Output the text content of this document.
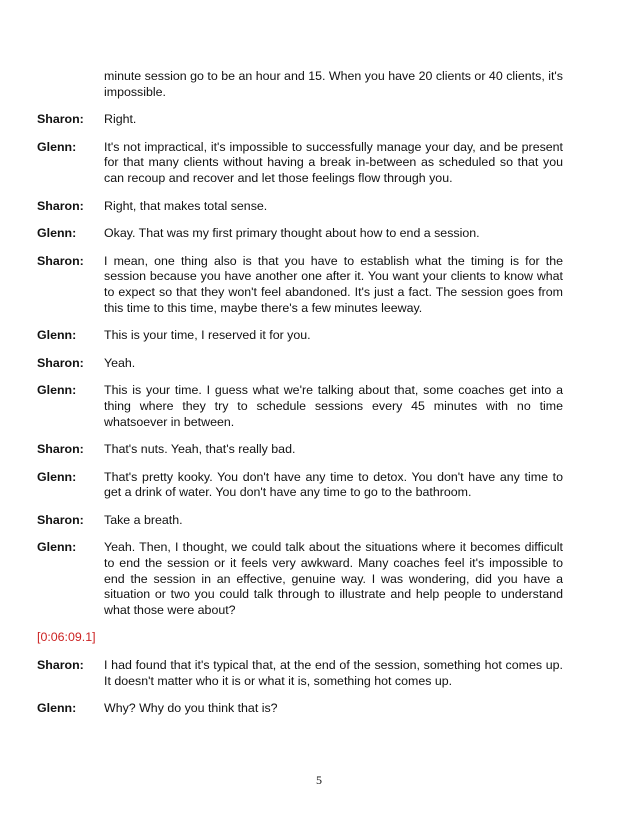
minute session go to be an hour and 15. When you have 20 clients or 40 clients, it's impossible.
Sharon:	Right.
Glenn:	It's not impractical, it's impossible to successfully manage your day, and be present for that many clients without having a break in-between as scheduled so that you can recoup and recover and let those feelings flow through you.
Sharon:	Right, that makes total sense.
Glenn:	Okay. That was my first primary thought about how to end a session.
Sharon:	I mean, one thing also is that you have to establish what the timing is for the session because you have another one after it. You want your clients to know what to expect so that they won't feel abandoned. It's just a fact. The session goes from this time to this time, maybe there's a few minutes leeway.
Glenn:	This is your time, I reserved it for you.
Sharon:	Yeah.
Glenn:	This is your time. I guess what we're talking about that, some coaches get into a thing where they try to schedule sessions every 45 minutes with no time whatsoever in between.
Sharon:	That's nuts. Yeah, that's really bad.
Glenn:	That's pretty kooky. You don't have any time to detox. You don't have any time to get a drink of water. You don't have any time to go to the bathroom.
Sharon:	Take a breath.
Glenn:	Yeah. Then, I thought, we could talk about the situations where it becomes difficult to end the session or it feels very awkward. Many coaches feel it's impossible to end the session in an effective, genuine way. I was wondering, did you have a situation or two you could talk through to illustrate and help people to understand what those were about?
[0:06:09.1]
Sharon:	I had found that it's typical that, at the end of the session, something hot comes up. It doesn't matter who it is or what it is, something hot comes up.
Glenn:	Why? Why do you think that is?
5
